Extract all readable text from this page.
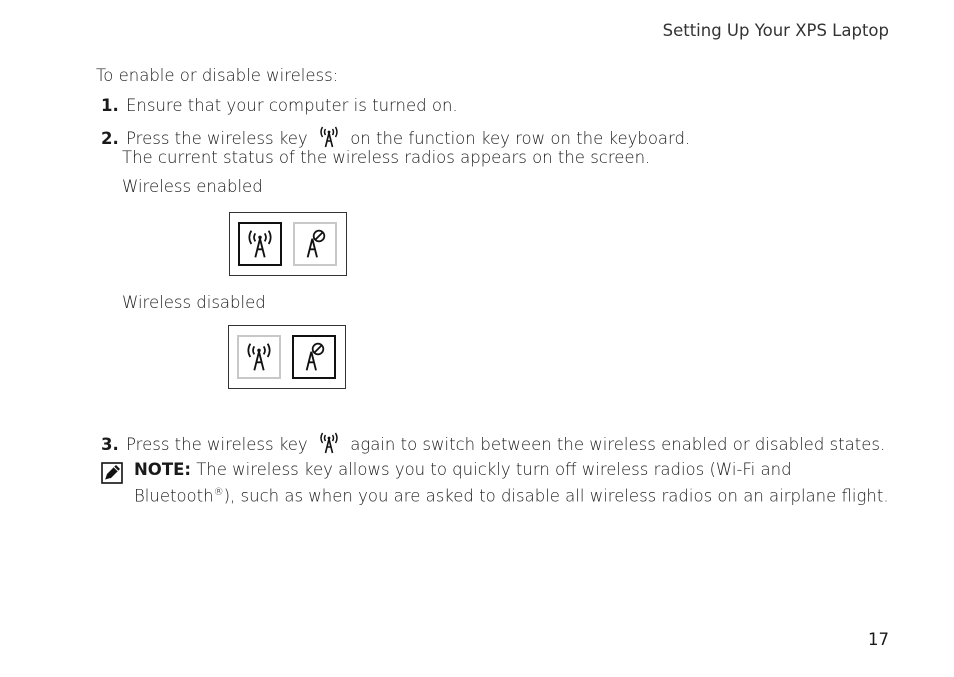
Setting Up Your XPS Laptop
To enable or disable wireless:
1. Ensure that your computer is turned on.
2. Press the wireless key	on the function key row on the keyboard.
The current status of the wireless radios appears on the screen.
Wireless enabled
Wireless disabled
3. Press the wireless key	again to switch between the wireless enabled or disabled states.
NOTE: The wireless key allows you to quickly turn off wireless radios (Wi-Fi and
Bluetooth®), such as when you are asked to disable all wireless radios on an airplane flight.
17
